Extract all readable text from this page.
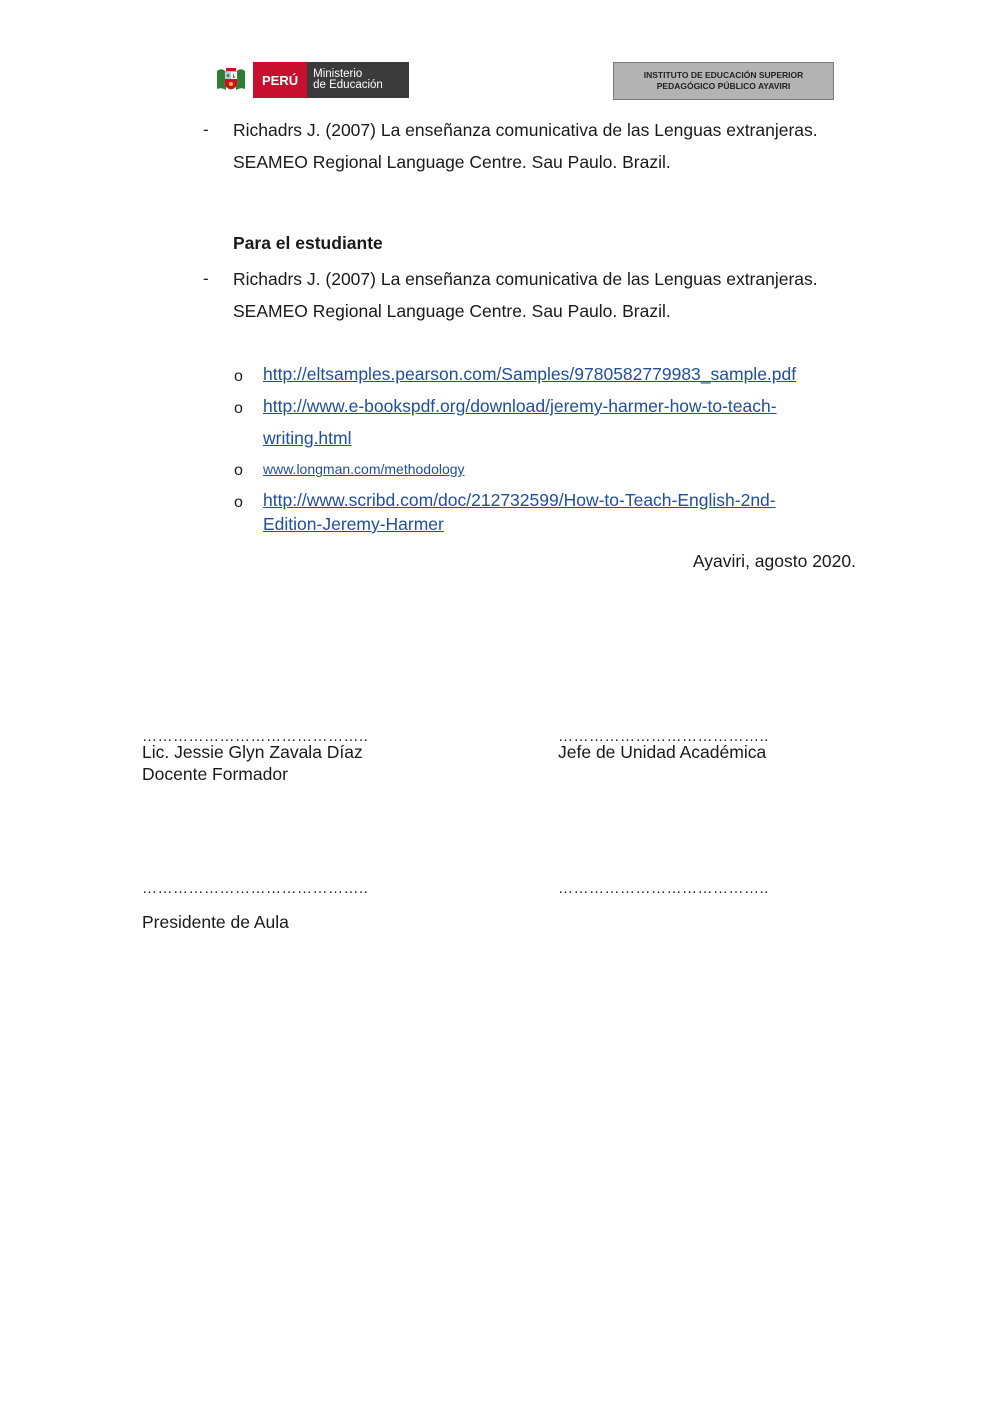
PERÚ	Ministerio
de Educación
INSTITUTO DE EDUCACIÓN SUPERIOR
PEDAGÓGICO PÚBLICO AYAVIRI
- Richadrs J. (2007) La enseñanza comunicativa de las Lenguas extranjeras.
SEAMEO Regional Language Centre. Sau Paulo. Brazil.
Para el estudiante
- Richadrs J. (2007) La enseñanza comunicativa de las Lenguas extranjeras.
SEAMEO Regional Language Centre. Sau Paulo. Brazil.
o http://eltsamples.pearson.com/Samples/9780582779983_sample.pdf
o http://www.e-bookspdf.org/download/jeremy-harmer-how-to-teach-
writing.html
o www.longman.com/methodology
o http://www.scribd.com/doc/212732599/How-to-Teach-English-2nd-
Edition-Jeremy-Harmer
Ayaviri, agosto 2020.
……………………………………..	…………………………………..
Lic. Jessie Glyn Zavala Díaz
Docente Formador
Jefe de Unidad Académica
……………………………………..	…………………………………..
Presidente de Aula
